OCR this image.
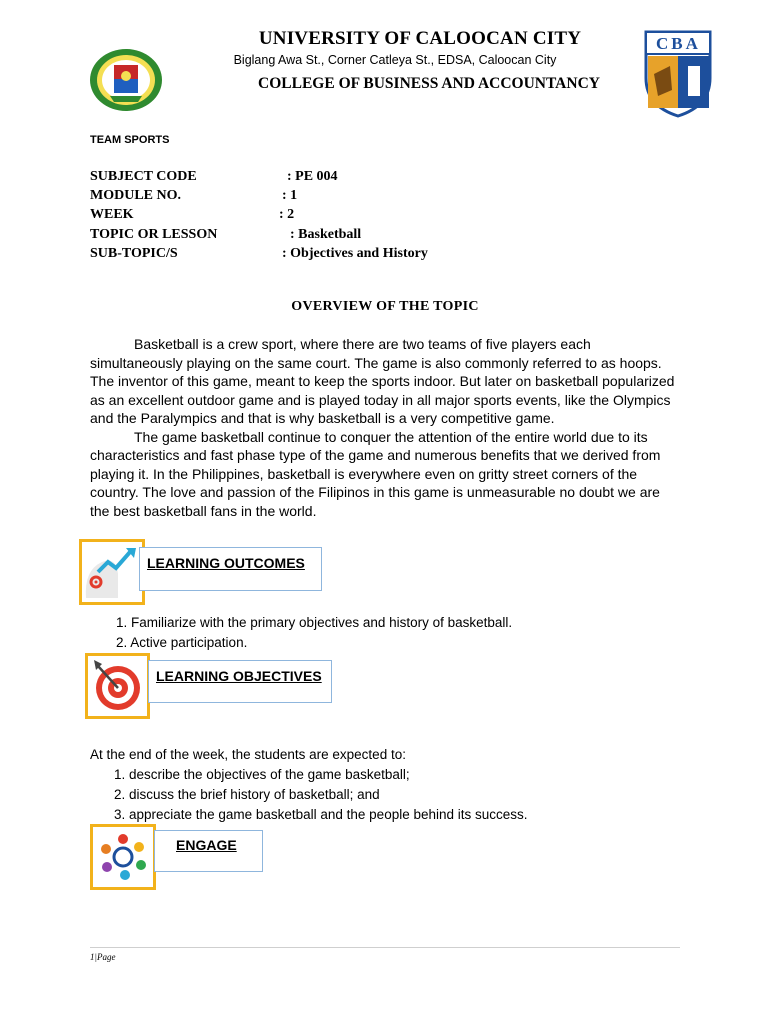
CBA
UNIVERSITY OF CALOOCAN CITY
Biglang Awa St., Corner Catleya St., EDSA, Caloocan City
COLLEGE OF BUSINESS AND ACCOUNTANCY
TEAM SPORTS
SUBJECT CODE	: PE 004
MODULE NO.	: 1
WEEK	: 2
TOPIC OR LESSON	: Basketball
SUB-TOPIC/S	: Objectives and History
OVERVIEW OF THE TOPIC

Basketball is a crew sport, where there are two teams of five players each simultaneously playing on the same court. The game is also commonly referred to as hoops. The inventor of this game, meant to keep the sports indoor. But later on basketball popularized as an excellent outdoor game and is played today in all major sports events, like the Olympics and the Paralympics and that is why basketball is a very competitive game.

The game basketball continue to conquer the attention of the entire world due to its characteristics and fast phase type of the game and numerous benefits that we derived from playing it. In the Philippines, basketball is everywhere even on gritty street corners of the country. The love and passion of the Filipinos in this game is unmeasurable no doubt we are the best basketball fans in the world.

LEARNING OUTCOMES
1. Familiarize with the primary objectives and history of basketball.
2. Active participation.
LEARNING OBJECTIVES
At the end of the week, the students are expected to:
1. describe the objectives of the game basketball;
2. discuss the brief history of basketball; and
3. appreciate the game basketball and the people behind its success.
ENGAGE
1|Page
